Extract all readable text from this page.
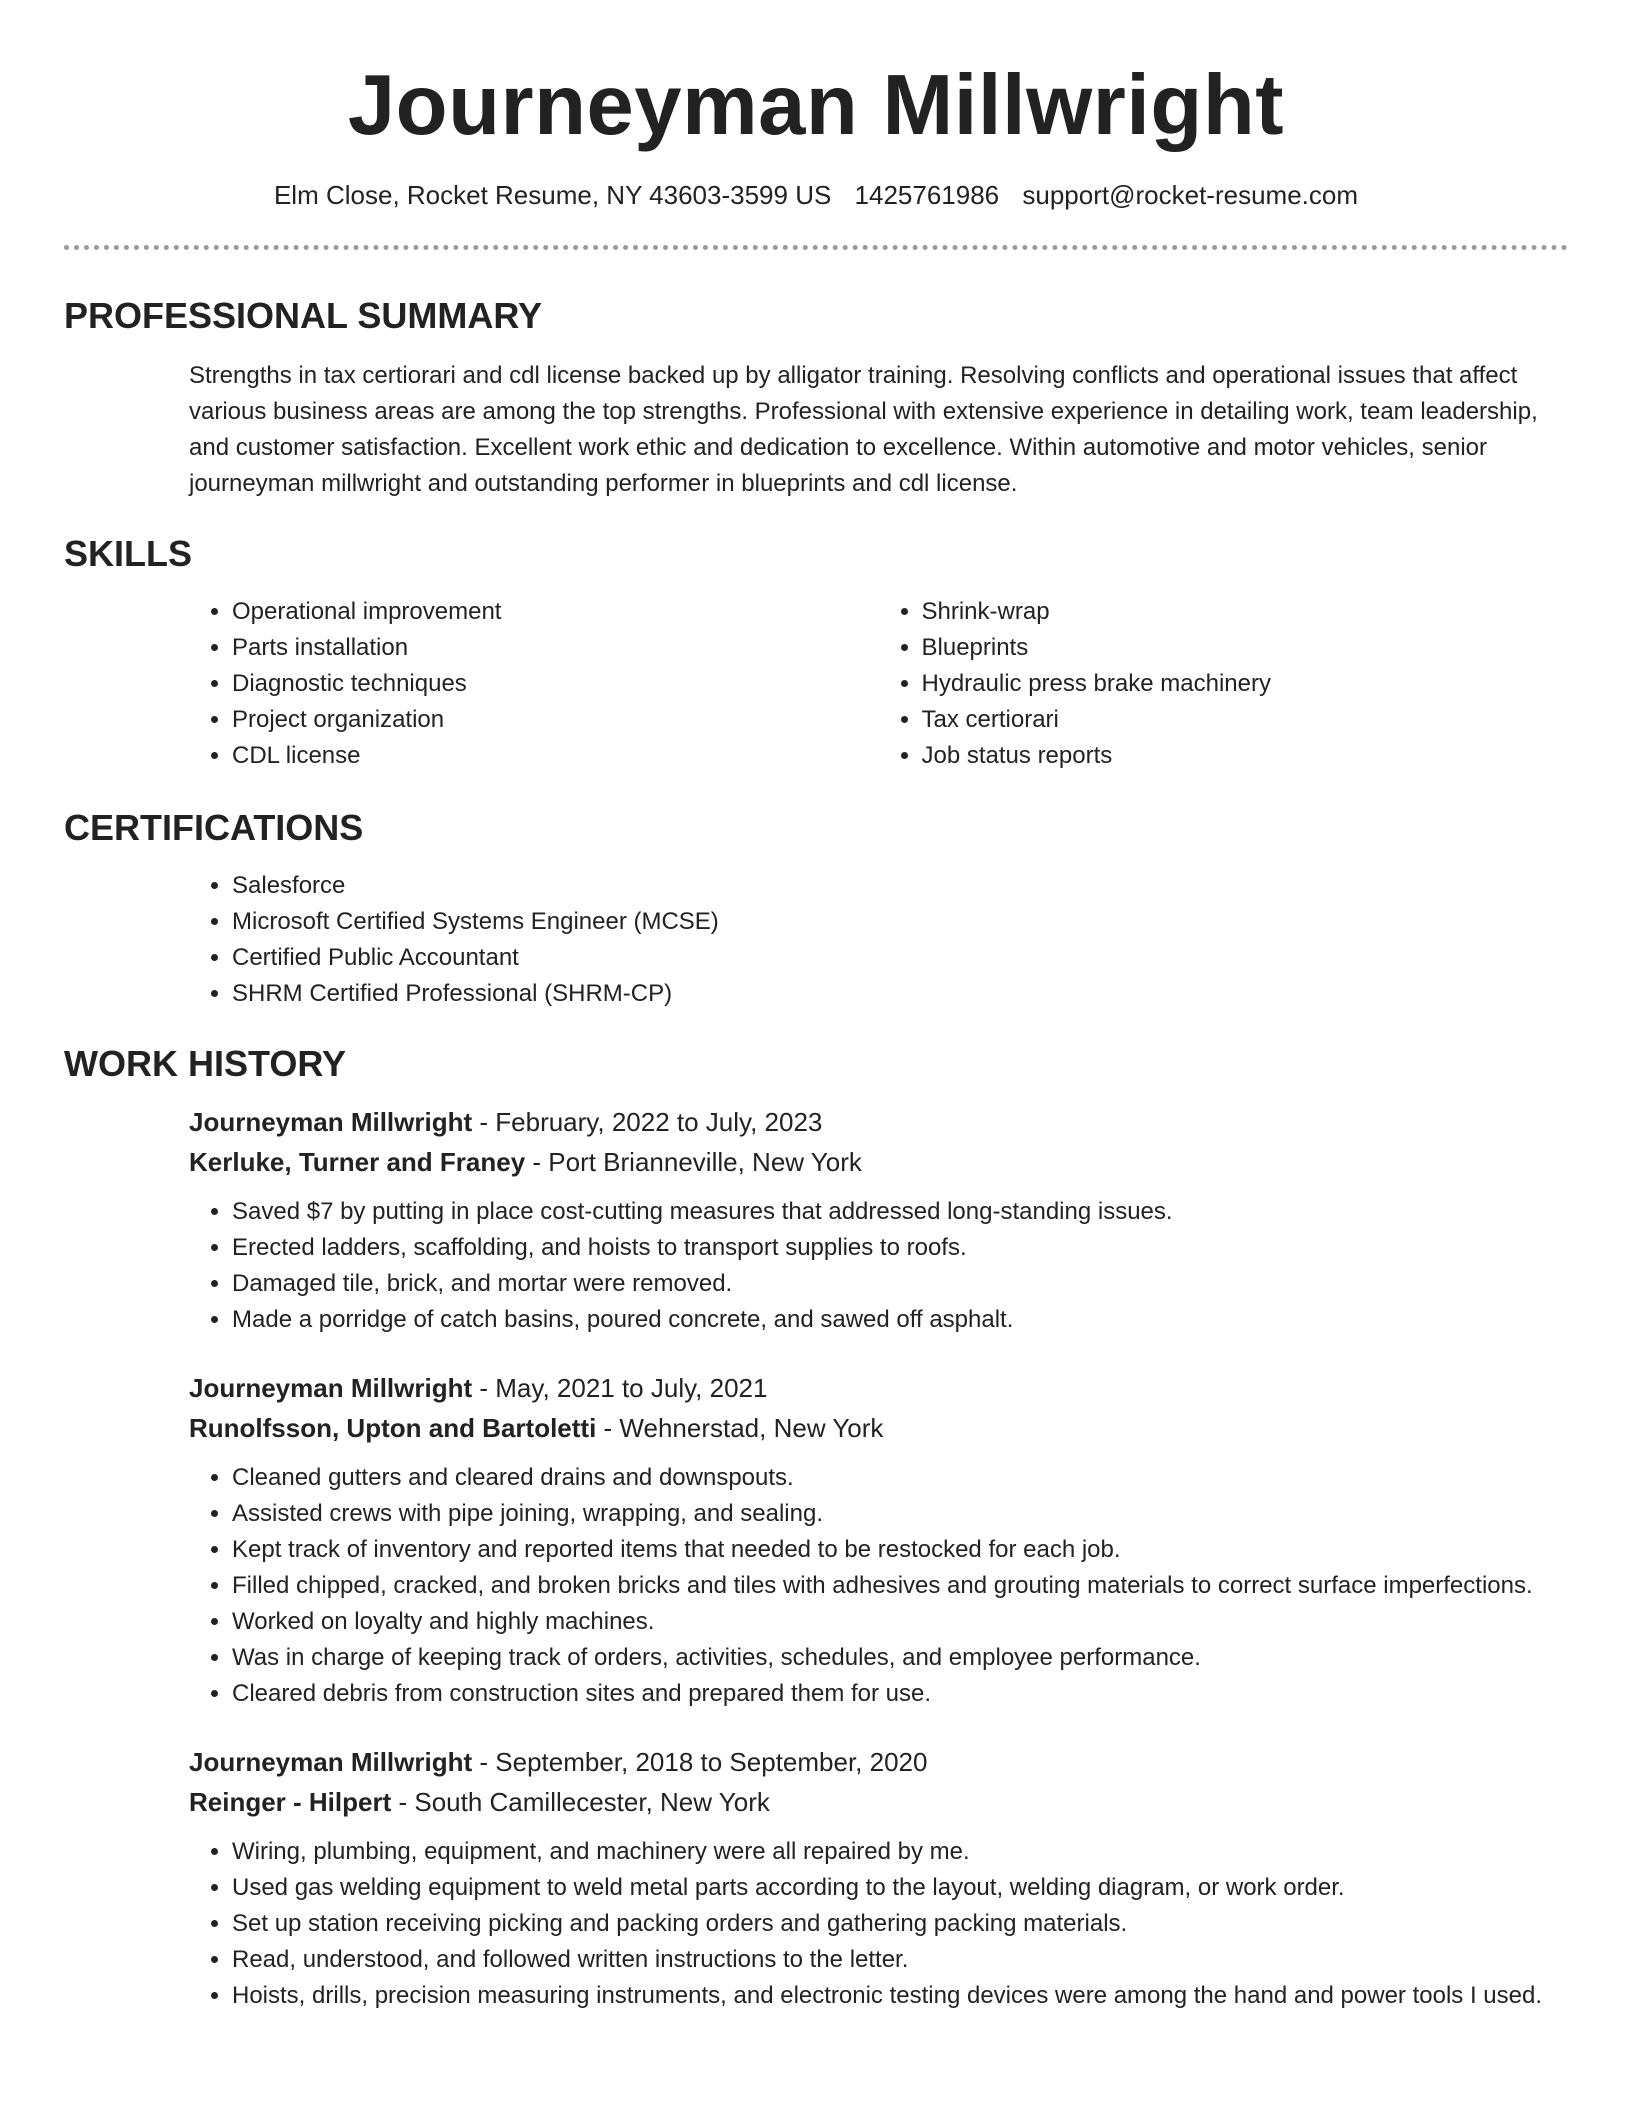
Journeyman Millwright
Elm Close, Rocket Resume, NY 43603-3599 US 1425761986 support@rocket-resume.com
PROFESSIONAL SUMMARY

Strengths in tax certiorari and cdl license backed up by alligator training. Resolving conflicts and operational issues that affect various business areas are among the top strengths. Professional with extensive experience in detailing work, team leadership, and customer satisfaction. Excellent work ethic and dedication to excellence. Within automotive and motor vehicles, senior journeyman millwright and outstanding performer in blueprints and cdl license.

SKILLS
• Operational improvement
• Parts installation
• Diagnostic techniques
• Project organization
• CDL license
• Shrink-wrap
• Blueprints
• Hydraulic press brake machinery
• Tax certiorari
• Job status reports
CERTIFICATIONS
• Salesforce
• Microsoft Certified Systems Engineer (MCSE)
• Certified Public Accountant
• SHRM Certified Professional (SHRM-CP)
WORK HISTORY
Journeyman Millwright - February, 2022 to July, 2023
Kerluke, Turner and Franey - Port Brianneville, New York
• Saved $7 by putting in place cost-cutting measures that addressed long-standing issues.
• Erected ladders, scaffolding, and hoists to transport supplies to roofs.
• Damaged tile, brick, and mortar were removed.
• Made a porridge of catch basins, poured concrete, and sawed off asphalt.
Journeyman Millwright - May, 2021 to July, 2021
Runolfsson, Upton and Bartoletti - Wehnerstad, New York
• Cleaned gutters and cleared drains and downspouts.
• Assisted crews with pipe joining, wrapping, and sealing.
• Kept track of inventory and reported items that needed to be restocked for each job.
• Filled chipped, cracked, and broken bricks and tiles with adhesives and grouting materials to correct surface imperfections.
• Worked on loyalty and highly machines.
• Was in charge of keeping track of orders, activities, schedules, and employee performance.
• Cleared debris from construction sites and prepared them for use.
Journeyman Millwright - September, 2018 to September, 2020
Reinger - Hilpert - South Camillecester, New York
• Wiring, plumbing, equipment, and machinery were all repaired by me.
• Used gas welding equipment to weld metal parts according to the layout, welding diagram, or work order.
• Set up station receiving picking and packing orders and gathering packing materials.
• Read, understood, and followed written instructions to the letter.
• Hoists, drills, precision measuring instruments, and electronic testing devices were among the hand and power tools I used.
